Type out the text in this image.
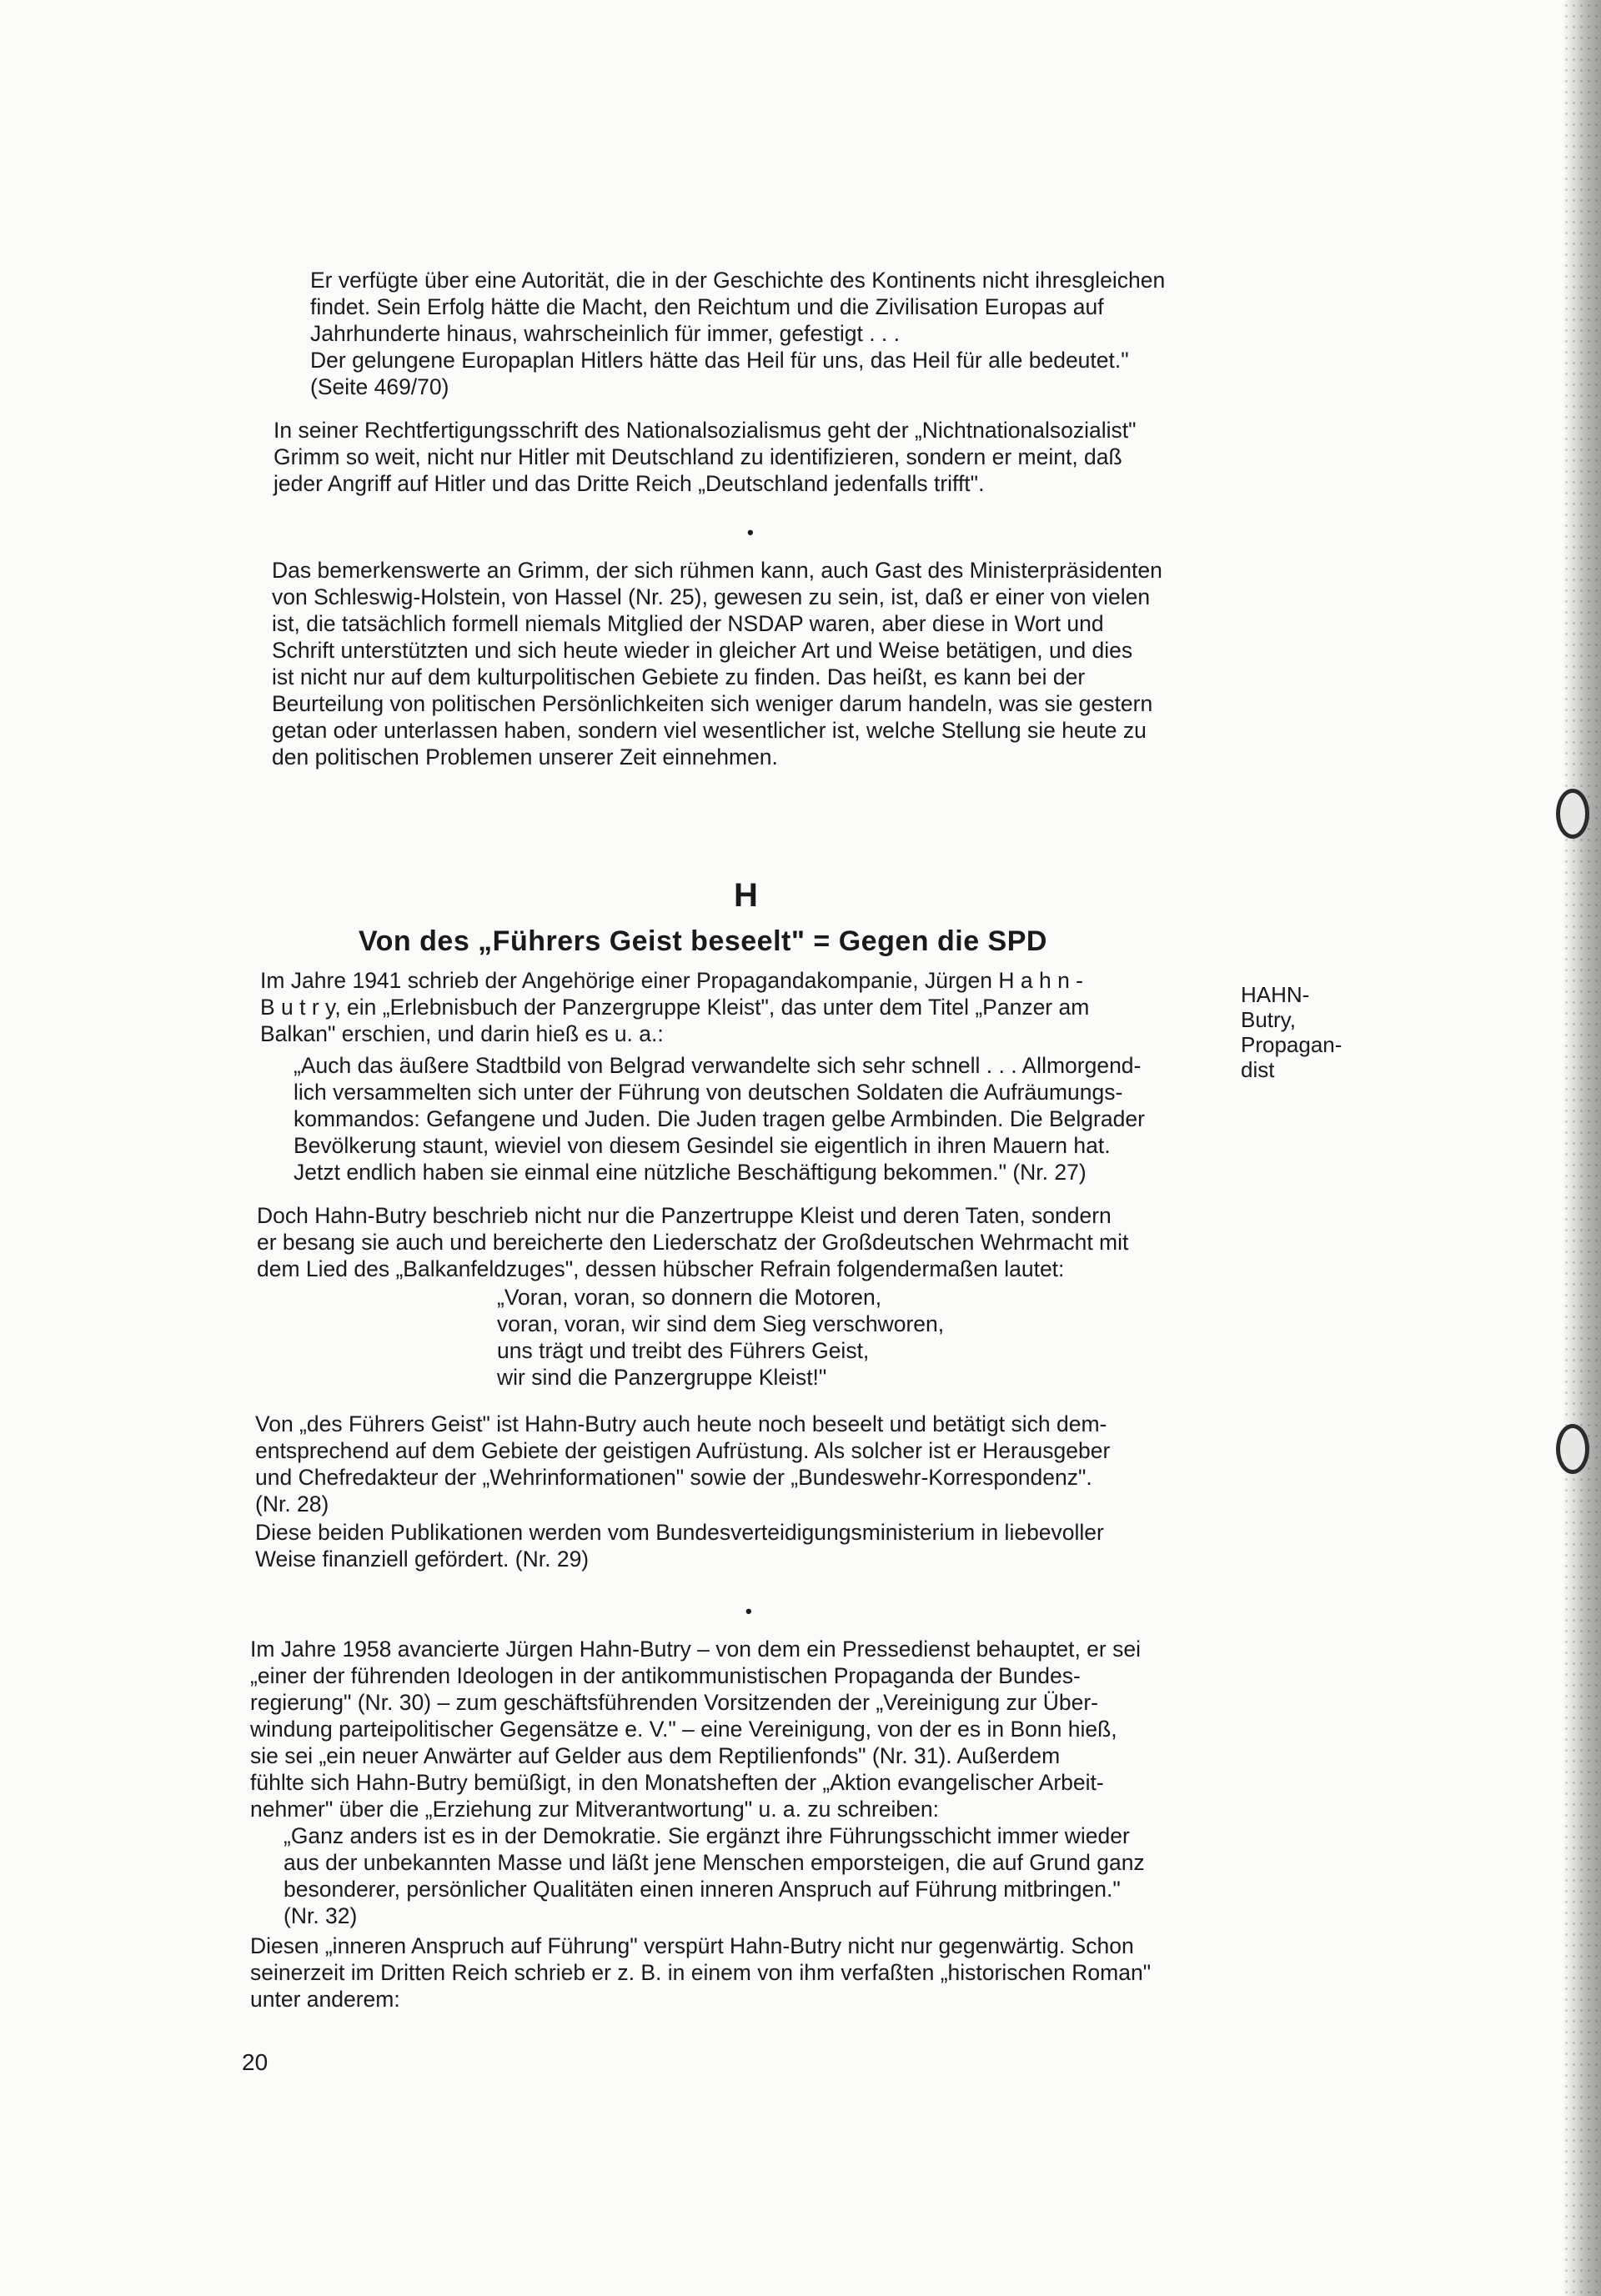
Er verfügte über eine Autorität, die in der Geschichte des Kontinents nicht ihresgleichen

findet. Sein Erfolg hätte die Macht, den Reichtum und die Zivilisation Europas auf

Jahrhunderte hinaus, wahrscheinlich für immer, gefestigt . . .

Der gelungene Europaplan Hitlers hätte das Heil für uns, das Heil für alle bedeutet."

(Seite 469/70)

In seiner Rechtfertigungsschrift des Nationalsozialismus geht der „Nichtnationalsozialist"

Grimm so weit, nicht nur Hitler mit Deutschland zu identifizieren, sondern er meint, daß

jeder Angriff auf Hitler und das Dritte Reich „Deutschland jedenfalls trifft".

•

Das bemerkenswerte an Grimm, der sich rühmen kann, auch Gast des Ministerpräsidenten

von Schleswig-Holstein, von Hassel (Nr. 25), gewesen zu sein, ist, daß er einer von vielen

ist, die tatsächlich formell niemals Mitglied der NSDAP waren, aber diese in Wort und

Schrift unterstützten und sich heute wieder in gleicher Art und Weise betätigen, und dies

ist nicht nur auf dem kulturpolitischen Gebiete zu finden. Das heißt, es kann bei der

Beurteilung von politischen Persönlichkeiten sich weniger darum handeln, was sie gestern

getan oder unterlassen haben, sondern viel wesentlicher ist, welche Stellung sie heute zu

den politischen Problemen unserer Zeit einnehmen.

H
Von des „Führers Geist beseelt" = Gegen die SPD
HAHN-
Butry,
Propagan-
dist

Im Jahre 1941 schrieb der Angehörige einer Propagandakompanie, Jürgen H a h n -

B u t r y, ein „Erlebnisbuch der Panzergruppe Kleist", das unter dem Titel „Panzer am

Balkan" erschien, und darin hieß es u. a.:

„Auch das äußere Stadtbild von Belgrad verwandelte sich sehr schnell . . . Allmorgend-

lich versammelten sich unter der Führung von deutschen Soldaten die Aufräumungs-

kommandos: Gefangene und Juden. Die Juden tragen gelbe Armbinden. Die Belgrader

Bevölkerung staunt, wieviel von diesem Gesindel sie eigentlich in ihren Mauern hat.

Jetzt endlich haben sie einmal eine nützliche Beschäftigung bekommen." (Nr. 27)

Doch Hahn-Butry beschrieb nicht nur die Panzertruppe Kleist und deren Taten, sondern

er besang sie auch und bereicherte den Liederschatz der Großdeutschen Wehrmacht mit

dem Lied des „Balkanfeldzuges", dessen hübscher Refrain folgendermaßen lautet:

„Voran, voran, so donnern die Motoren,

voran, voran, wir sind dem Sieg verschworen,

uns trägt und treibt des Führers Geist,

wir sind die Panzergruppe Kleist!"

Von „des Führers Geist" ist Hahn-Butry auch heute noch beseelt und betätigt sich dem-

entsprechend auf dem Gebiete der geistigen Aufrüstung. Als solcher ist er Herausgeber

und Chefredakteur der „Wehrinformationen" sowie der „Bundeswehr-Korrespondenz".

(Nr. 28)

Diese beiden Publikationen werden vom Bundesverteidigungsministerium in liebevoller

Weise finanziell gefördert. (Nr. 29)

•

Im Jahre 1958 avancierte Jürgen Hahn-Butry – von dem ein Pressedienst behauptet, er sei

„einer der führenden Ideologen in der antikommunistischen Propaganda der Bundes-

regierung" (Nr. 30) – zum geschäftsführenden Vorsitzenden der „Vereinigung zur Über-

windung parteipolitischer Gegensätze e. V." – eine Vereinigung, von der es in Bonn hieß,

sie sei „ein neuer Anwärter auf Gelder aus dem Reptilienfonds" (Nr. 31). Außerdem

fühlte sich Hahn-Butry bemüßigt, in den Monatsheften der „Aktion evangelischer Arbeit-

nehmer" über die „Erziehung zur Mitverantwortung" u. a. zu schreiben:

„Ganz anders ist es in der Demokratie. Sie ergänzt ihre Führungsschicht immer wieder

aus der unbekannten Masse und läßt jene Menschen emporsteigen, die auf Grund ganz

besonderer, persönlicher Qualitäten einen inneren Anspruch auf Führung mitbringen."

(Nr. 32)

Diesen „inneren Anspruch auf Führung" verspürt Hahn-Butry nicht nur gegenwärtig. Schon

seinerzeit im Dritten Reich schrieb er z. B. in einem von ihm verfaßten „historischen Roman"

unter anderem:

20
